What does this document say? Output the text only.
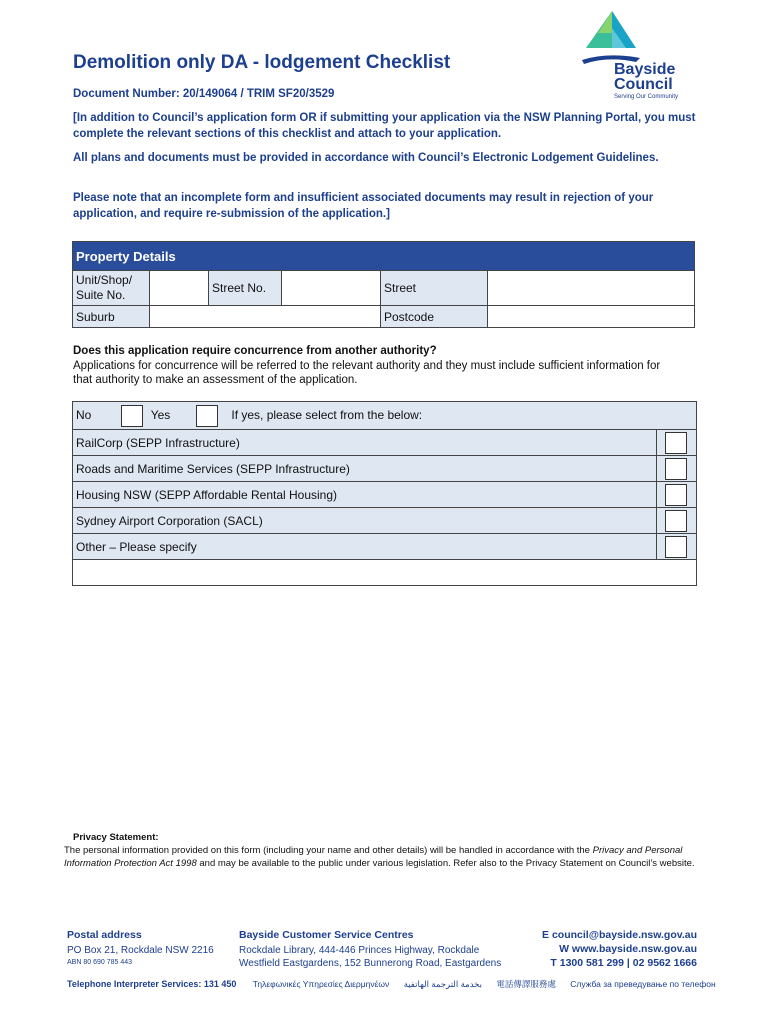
Bayside
Council
Serving Our Community
Demolition only DA - lodgement Checklist
Document Number: 20/149064 / TRIM SF20/3529
[In addition to Council’s application form OR if submitting your application via the NSW Planning Portal, you must complete the relevant sections of this checklist and attach to your application.
All plans and documents must be provided in accordance with Council’s Electronic Lodgement Guidelines.
Please note that an incomplete form and insufficient associated documents may result in rejection of your application, and require re-submission of the application.]
Property Details					
Unit/Shop/
Suite No.		Street No.		Street	
Suburb				Postcode	
Does this application require concurrence from another authority?
Applications for concurrence will be referred to the relevant authority and they must include sufficient information for that authority to make an assessment of the application.
No Yes If yes, please select from the below:	
RailCorp (SEPP Infrastructure)	
Roads and Maritime Services (SEPP Infrastructure)	
Housing NSW (SEPP Affordable Rental Housing)	
Sydney Airport Corporation (SACL)	
Other – Please specify	

Privacy Statement:
The personal information provided on this form (including your name and other details) will be handled in accordance with the Privacy and Personal Information Protection Act 1998 and may be available to the public under various legislation. Refer also to the Privacy Statement on Council’s website.
Postal address
PO Box 21, Rockdale NSW 2216
ABN 80 690 785 443
Bayside Customer Service Centres
Rockdale Library, 444-446 Princes Highway, Rockdale
Westfield Eastgardens, 152 Bunnerong Road, Eastgardens
E council@bayside.nsw.gov.au
W www.bayside.nsw.gov.au
T 1300 581 299 | 02 9562 1666
Telephone Interpreter Services: 131 450 Τηλεφωνικές Υπηρεσίες Διερμηνέων بخدمة الترجمة الهاتفية 電話傳譯服務處 Служба за преведување по телефон
